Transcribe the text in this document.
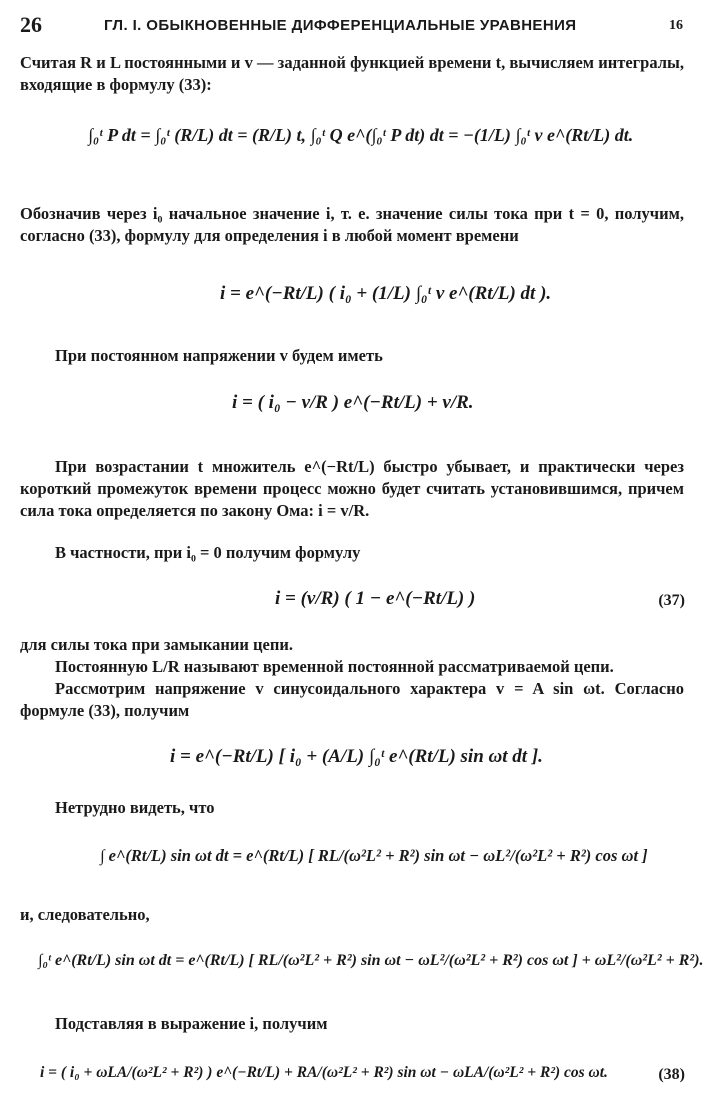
26	ГЛ. I. ОБЫКНОВЕННЫЕ ДИФФЕРЕНЦИАЛЬНЫЕ УРАВНЕНИЯ	16
Считая R и L постоянными и v — заданной функцией времени t, вычисляем интегралы, входящие в формулу (33):
∫₀ᵗ P dt = ∫₀ᵗ (R/L) dt = (R/L) t, ∫₀ᵗ Q e^(∫₀ᵗ P dt) dt = −(1/L) ∫₀ᵗ v e^(Rt/L) dt.
Обозначив через i₀ начальное значение i, т. е. значение силы тока при t = 0, получим, согласно (33), формулу для определения i в любой момент времени
i = e^(−Rt/L) ( i₀ + (1/L) ∫₀ᵗ v e^(Rt/L) dt ).
При постоянном напряжении v будем иметь
i = ( i₀ − v/R ) e^(−Rt/L) + v/R.
При возрастании t множитель e^(−Rt/L) быстро убывает, и практически через короткий промежуток времени процесс можно будет считать установившимся, причем сила тока определяется по закону Ома: i = v/R.
В частности, при i₀ = 0 получим формулу
i = (v/R) ( 1 − e^(−Rt/L) )	(37)
для силы тока при замыкании цепи.
Постоянную L/R называют временной постоянной рассматриваемой цепи.
Рассмотрим напряжение v синусоидального характера v = A sin ωt. Согласно формуле (33), получим
i = e^(−Rt/L) [ i₀ + (A/L) ∫₀ᵗ e^(Rt/L) sin ωt dt ].
Нетрудно видеть, что
∫ e^(Rt/L) sin ωt dt = e^(Rt/L) [ RL/(ω²L² + R²) sin ωt − ωL²/(ω²L² + R²) cos ωt ]
и, следовательно,
∫₀ᵗ e^(Rt/L) sin ωt dt = e^(Rt/L) [ RL/(ω²L² + R²) sin ωt − ωL²/(ω²L² + R²) cos ωt ] + ωL²/(ω²L² + R²).
Подставляя в выражение i, получим
i = ( i₀ + ωLA/(ω²L² + R²) ) e^(−Rt/L) + RA/(ω²L² + R²) sin ωt − ωLA/(ω²L² + R²) cos ωt.	(38)
